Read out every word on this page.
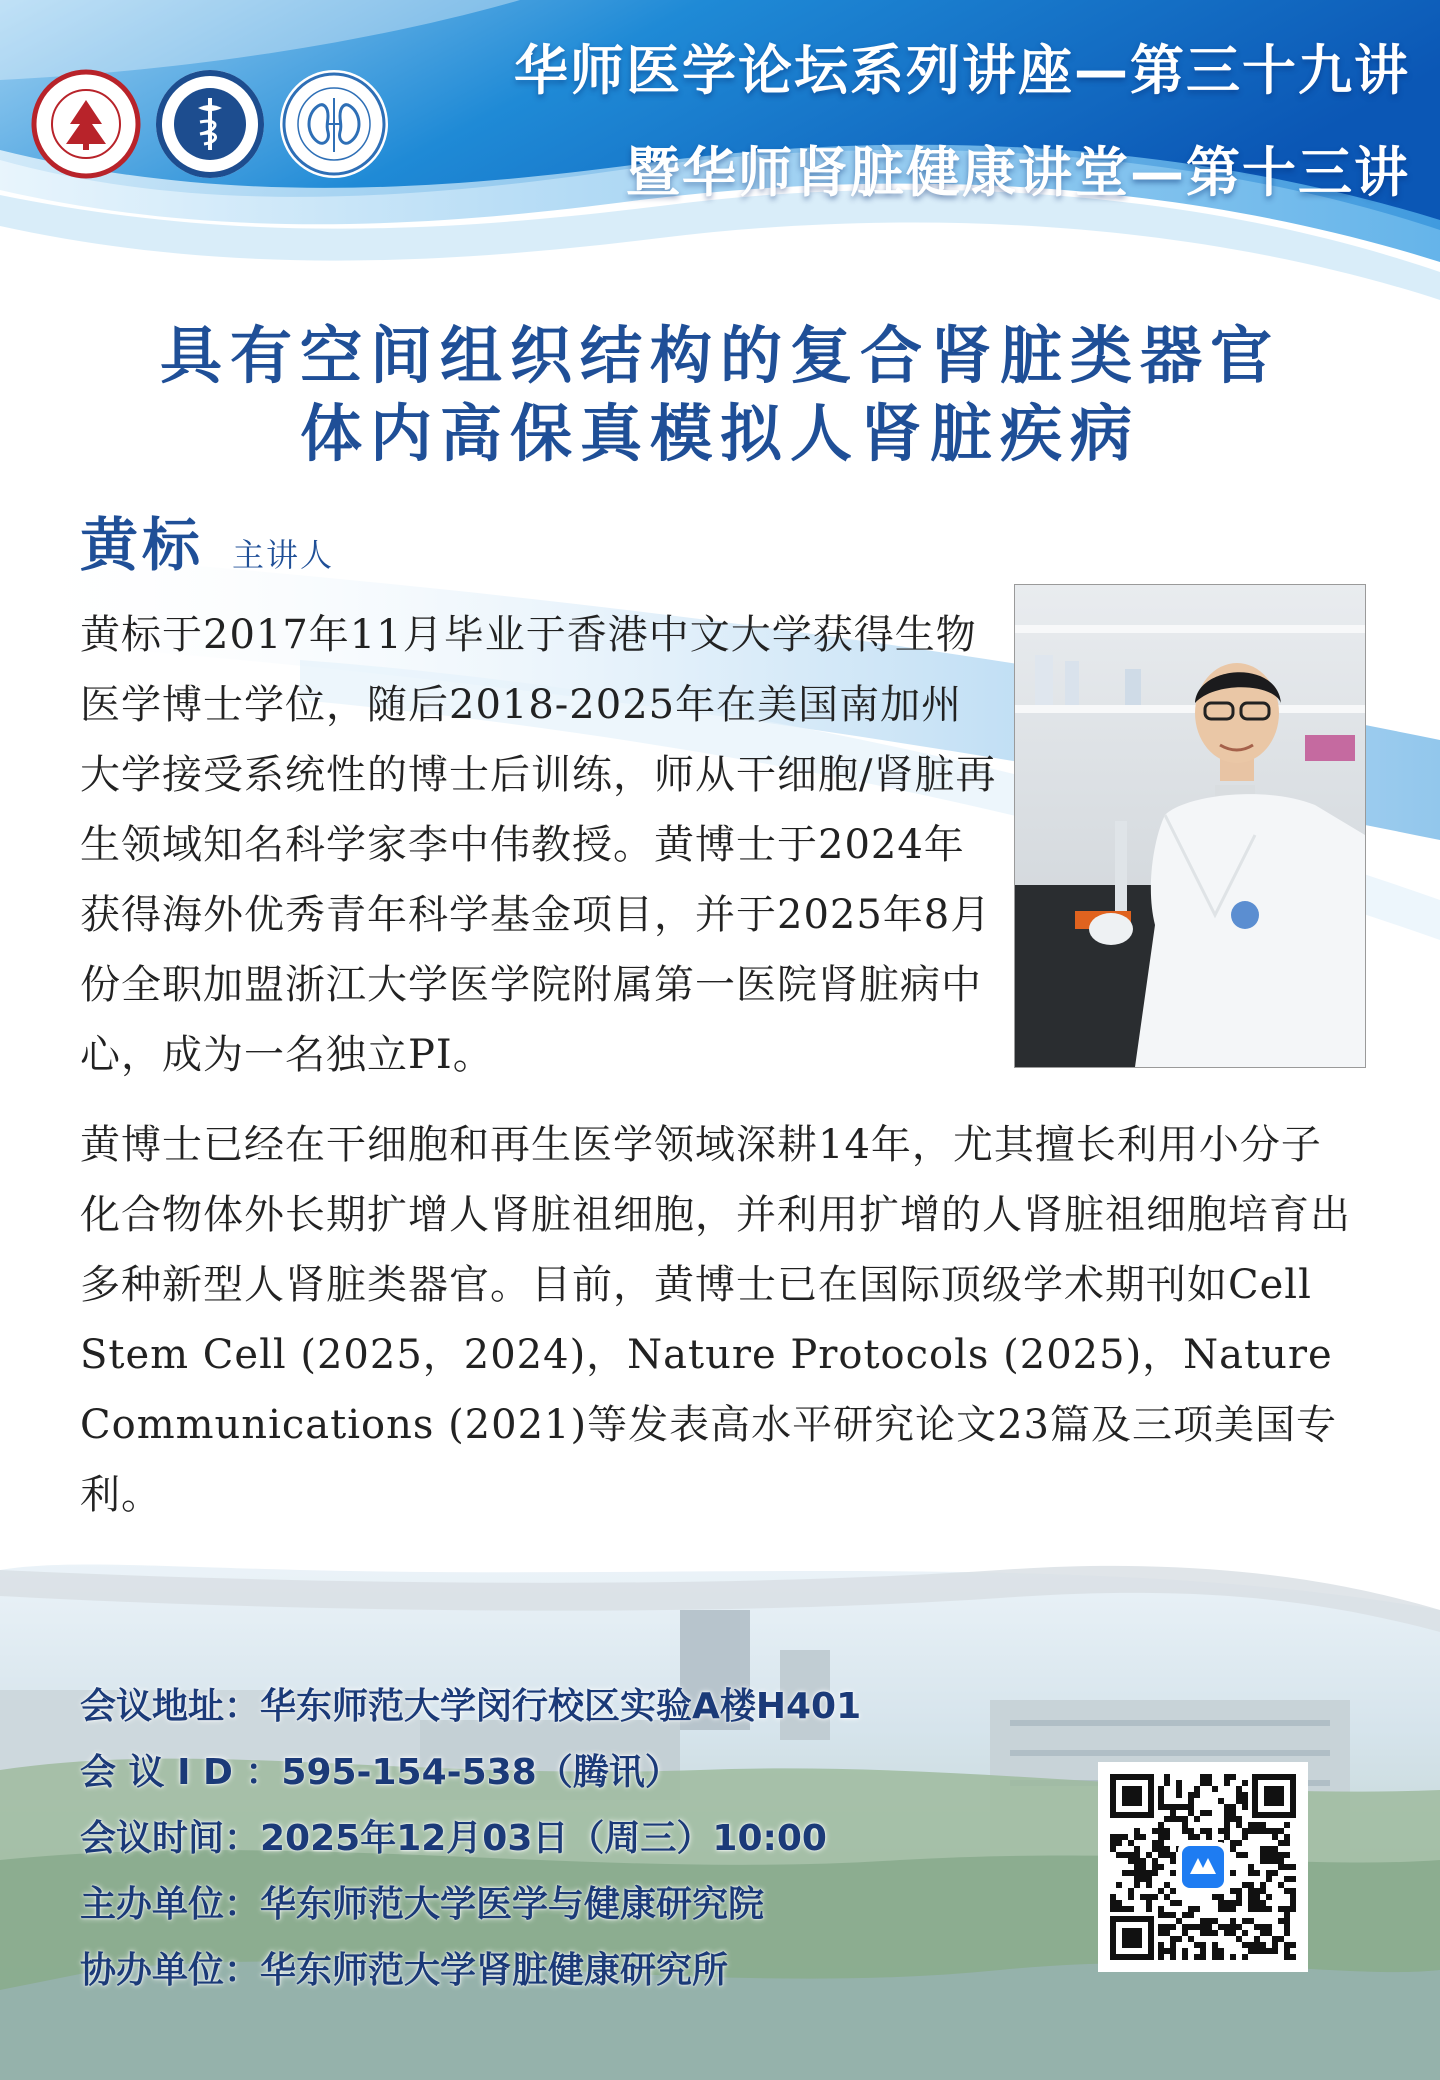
华师医学论坛系列讲座—第三十九讲
暨华师肾脏健康讲堂—第十三讲
具有空间组织结构的复合肾脏类器官
体内高保真模拟人肾脏疾病
黄标 主讲人
黄标于2017年11月毕业于香港中文大学获得生物医学博士学位，随后2018-2025年在美国南加州大学接受系统性的博士后训练，师从干细胞/肾脏再生领域知名科学家李中伟教授。黄博士于2024年获得海外优秀青年科学基金项目，并于2025年8月份全职加盟浙江大学医学院附属第一医院肾脏病中心，成为一名独立PI。
黄博士已经在干细胞和再生医学领域深耕14年，尤其擅长利用小分子化合物体外长期扩增人肾脏祖细胞，并利用扩增的人肾脏祖细胞培育出多种新型人肾脏类器官。目前，黄博士已在国际顶级学术期刊如Cell Stem Cell (2025，2024)，Nature Protocols (2025)，Nature Communications (2021)等发表高水平研究论文23篇及三项美国专利。
会议地址：华东师范大学闵行校区实验A楼H401
会 议 I D ：595-154-538（腾讯）
会议时间：2025年12月03日（周三）10:00
主办单位：华东师范大学医学与健康研究院
协办单位：华东师范大学肾脏健康研究所
